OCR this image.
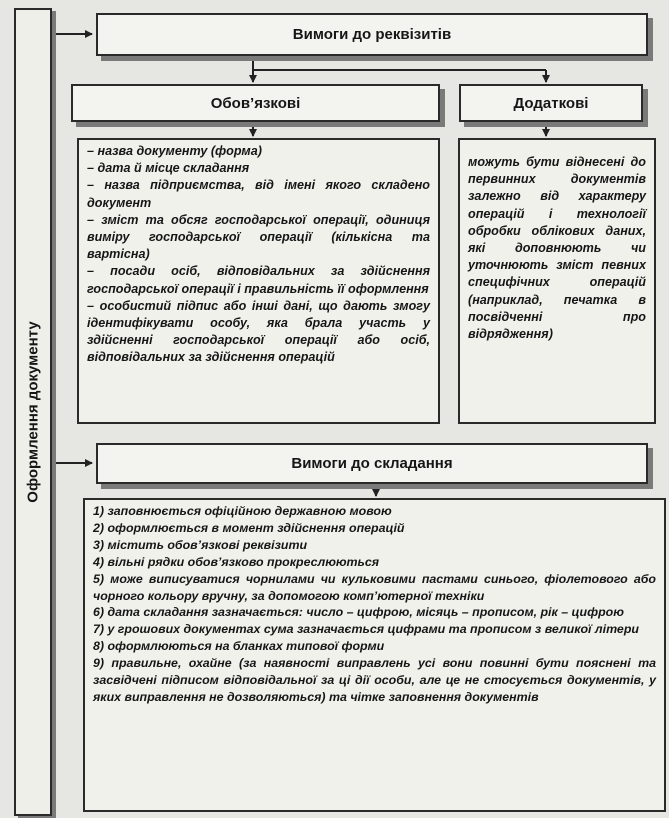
Оформлення документу
Вимоги до реквізитів
Обов’язкові	Додаткові
– назва документу (форма)
– дата й місце складання
– назва підприємства, від імені якого складено документ
– зміст та обсяг господарської операції, одиниця виміру господарської операції (кількісна та вартісна)
– посади осіб, відповідальних за здійснення господарської операції і правильність її оформлення
– особистий підпис або інші дані, що дають змогу ідентифікувати особу, яка брала участь у здійсненні господарської операції або осіб, відповідальних за здійснення операцій
можуть бути віднесені до первинних документів залежно від характеру операцій і технології обробки облікових даних, які доповнюють чи уточнюють зміст певних специфічних операцій (наприклад, печатка в посвідченні про відрядження)
Вимоги до складання
1) заповнюється офіційною державною мовою
2) оформлюється в момент здійснення операцій
3) містить обов’язкові реквізити
4) вільні рядки обов’язково прокреслюються
5) може виписуватися чорнилами чи кульковими пастами синього, фіолетового або чорного кольору вручну, за допомогою комп’ютерної техніки
6) дата складання зазначається: число – цифрою, місяць – прописом, рік – цифрою
7) у грошових документах сума зазначається цифрами та прописом з великої літери
8) оформлюються на бланках типової форми
9) правильне, охайне (за наявності виправлень усі вони повинні бути пояснені та засвідчені підписом відповідальної за ці дії особи, але це не стосується документів, у яких виправлення не дозволяються) та чітке заповнення документів
